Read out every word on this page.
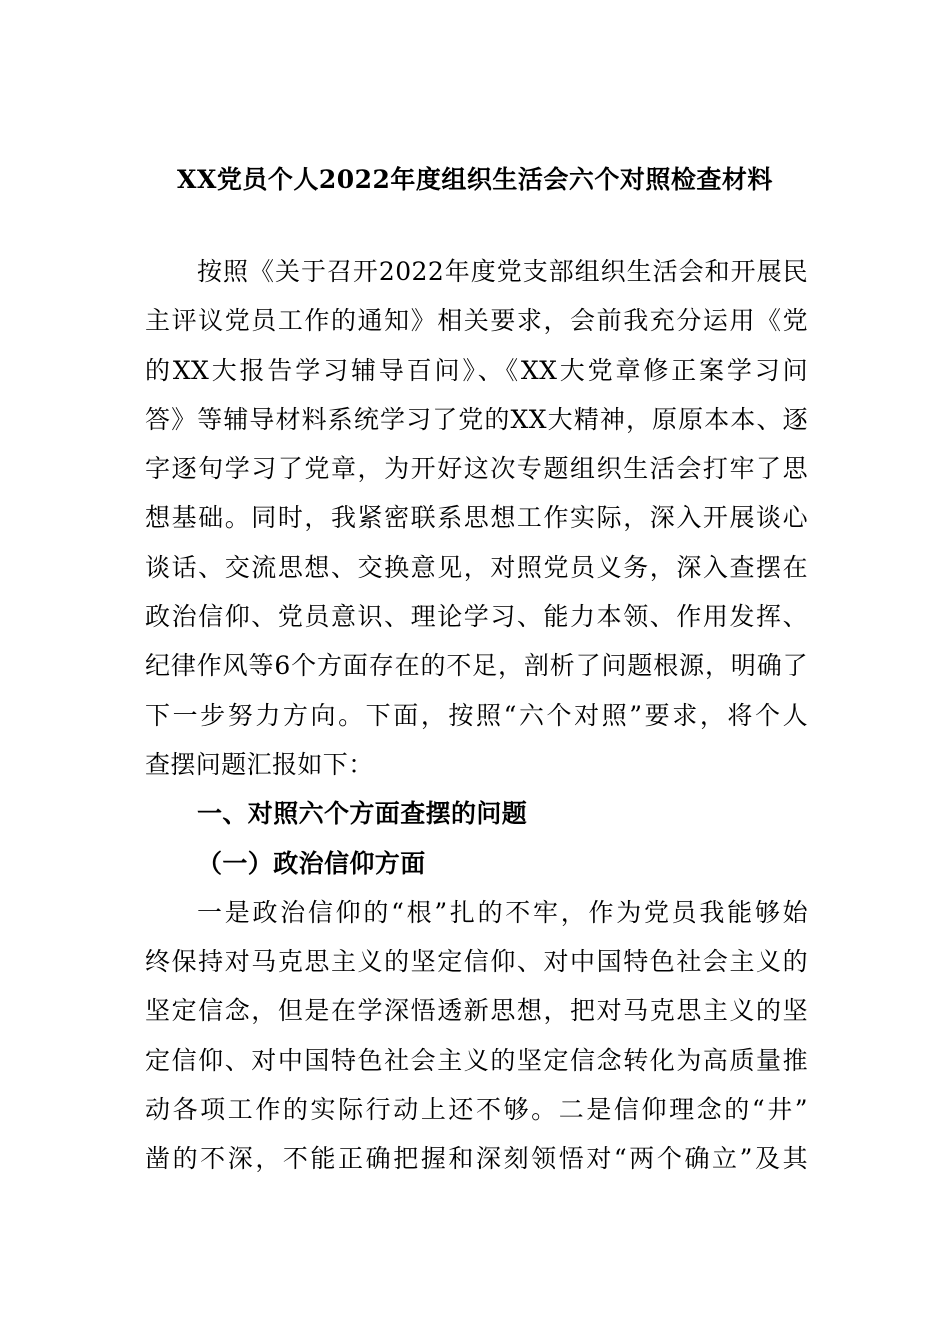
XX党员个人2022年度组织生活会六个对照检查材料
按照《关于召开2022年度党支部组织生活会和开展民
主评议党员工作的通知》相关要求，会前我充分运用《党
的XX大报告学习辅导百问》、《XX大党章修正案学习问
答》等辅导材料系统学习了党的XX大精神，原原本本、逐
字逐句学习了党章，为开好这次专题组织生活会打牢了思
想基础。同时，我紧密联系思想工作实际，深入开展谈心
谈话、交流思想、交换意见，对照党员义务，深入查摆在
政治信仰、党员意识、理论学习、能力本领、作用发挥、
纪律作风等6个方面存在的不足，剖析了问题根源，明确了
下一步努力方向。下面，按照“六个对照”要求，将个人
查摆问题汇报如下：
一、对照六个方面查摆的问题
（一）政治信仰方面
一是政治信仰的“根”扎的不牢，作为党员我能够始
终保持对马克思主义的坚定信仰、对中国特色社会主义的
坚定信念，但是在学深悟透新思想，把对马克思主义的坚
定信仰、对中国特色社会主义的坚定信念转化为高质量推
动各项工作的实际行动上还不够。二是信仰理念的“井”
凿的不深，不能正确把握和深刻领悟对“两个确立”及其
